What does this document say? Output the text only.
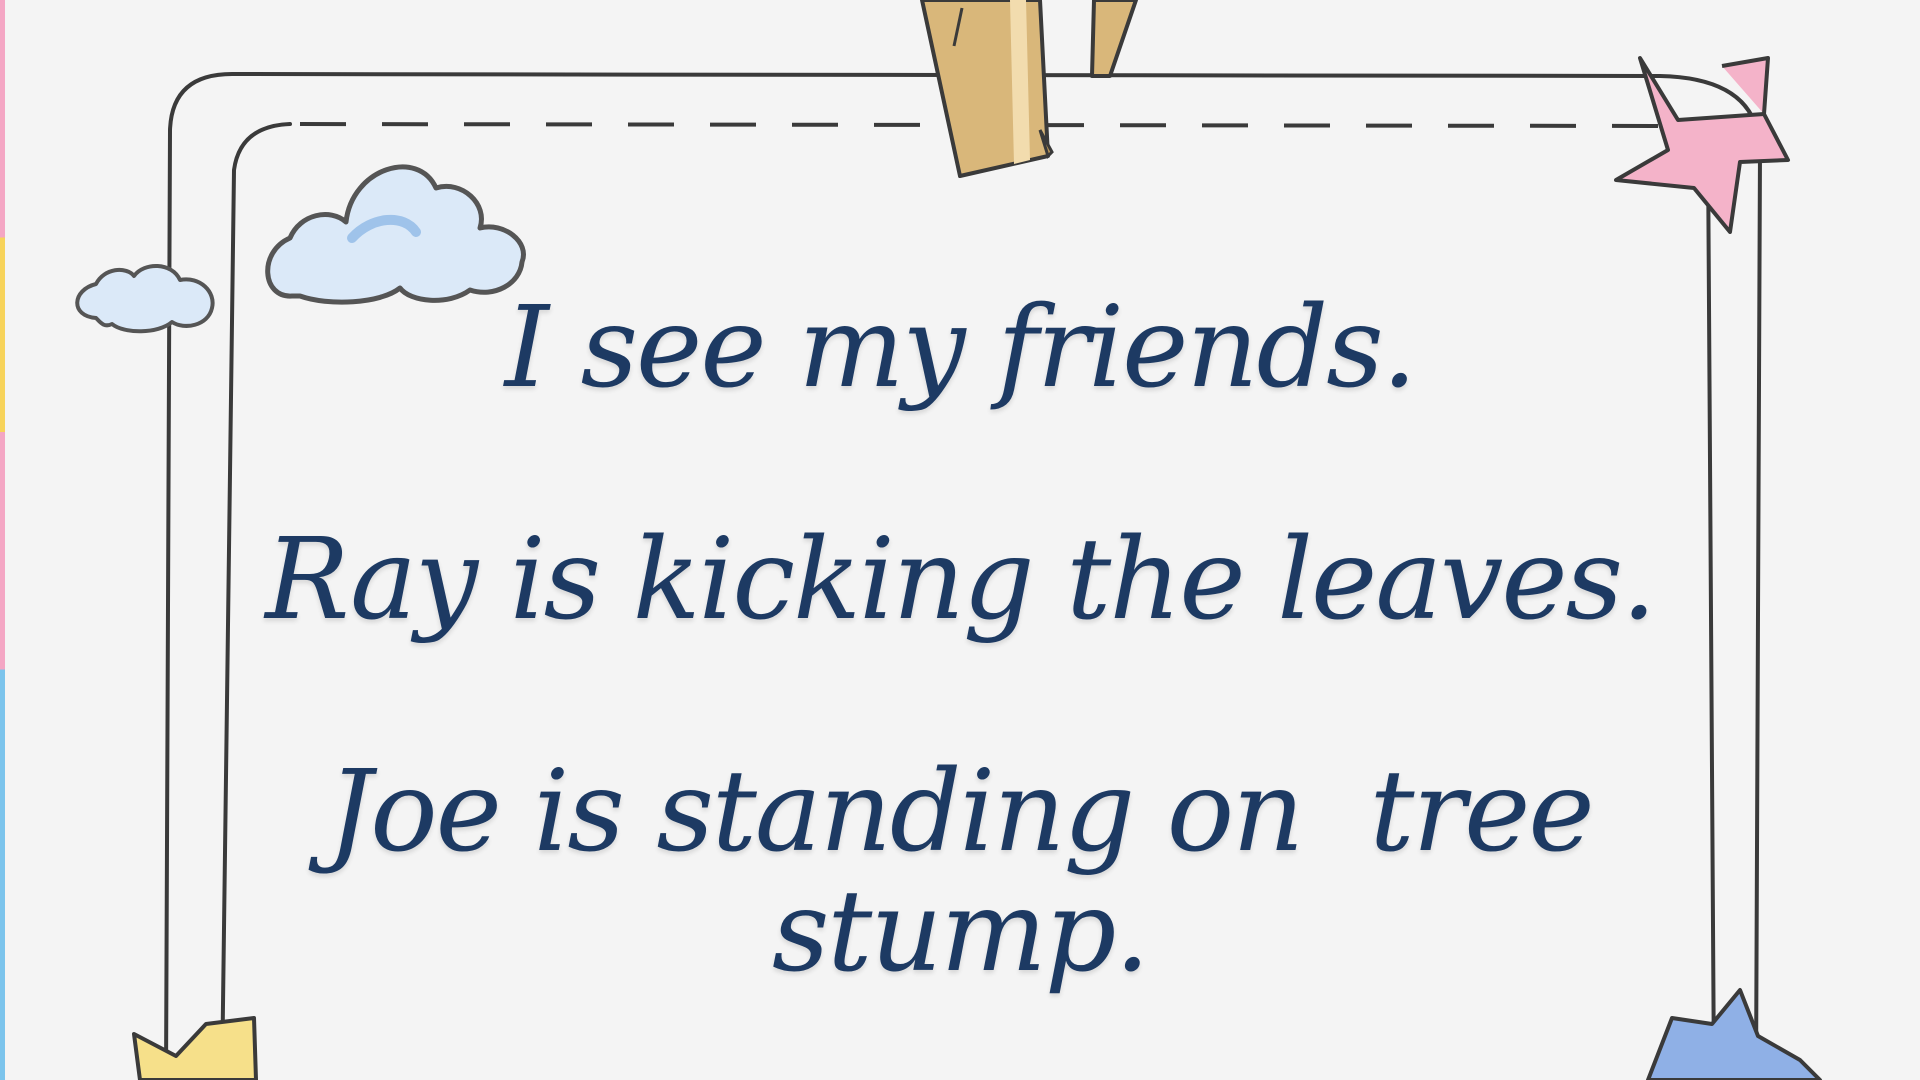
I see my friends.
Ray is kicking the leaves.
Joe is standing on  tree
stump.
